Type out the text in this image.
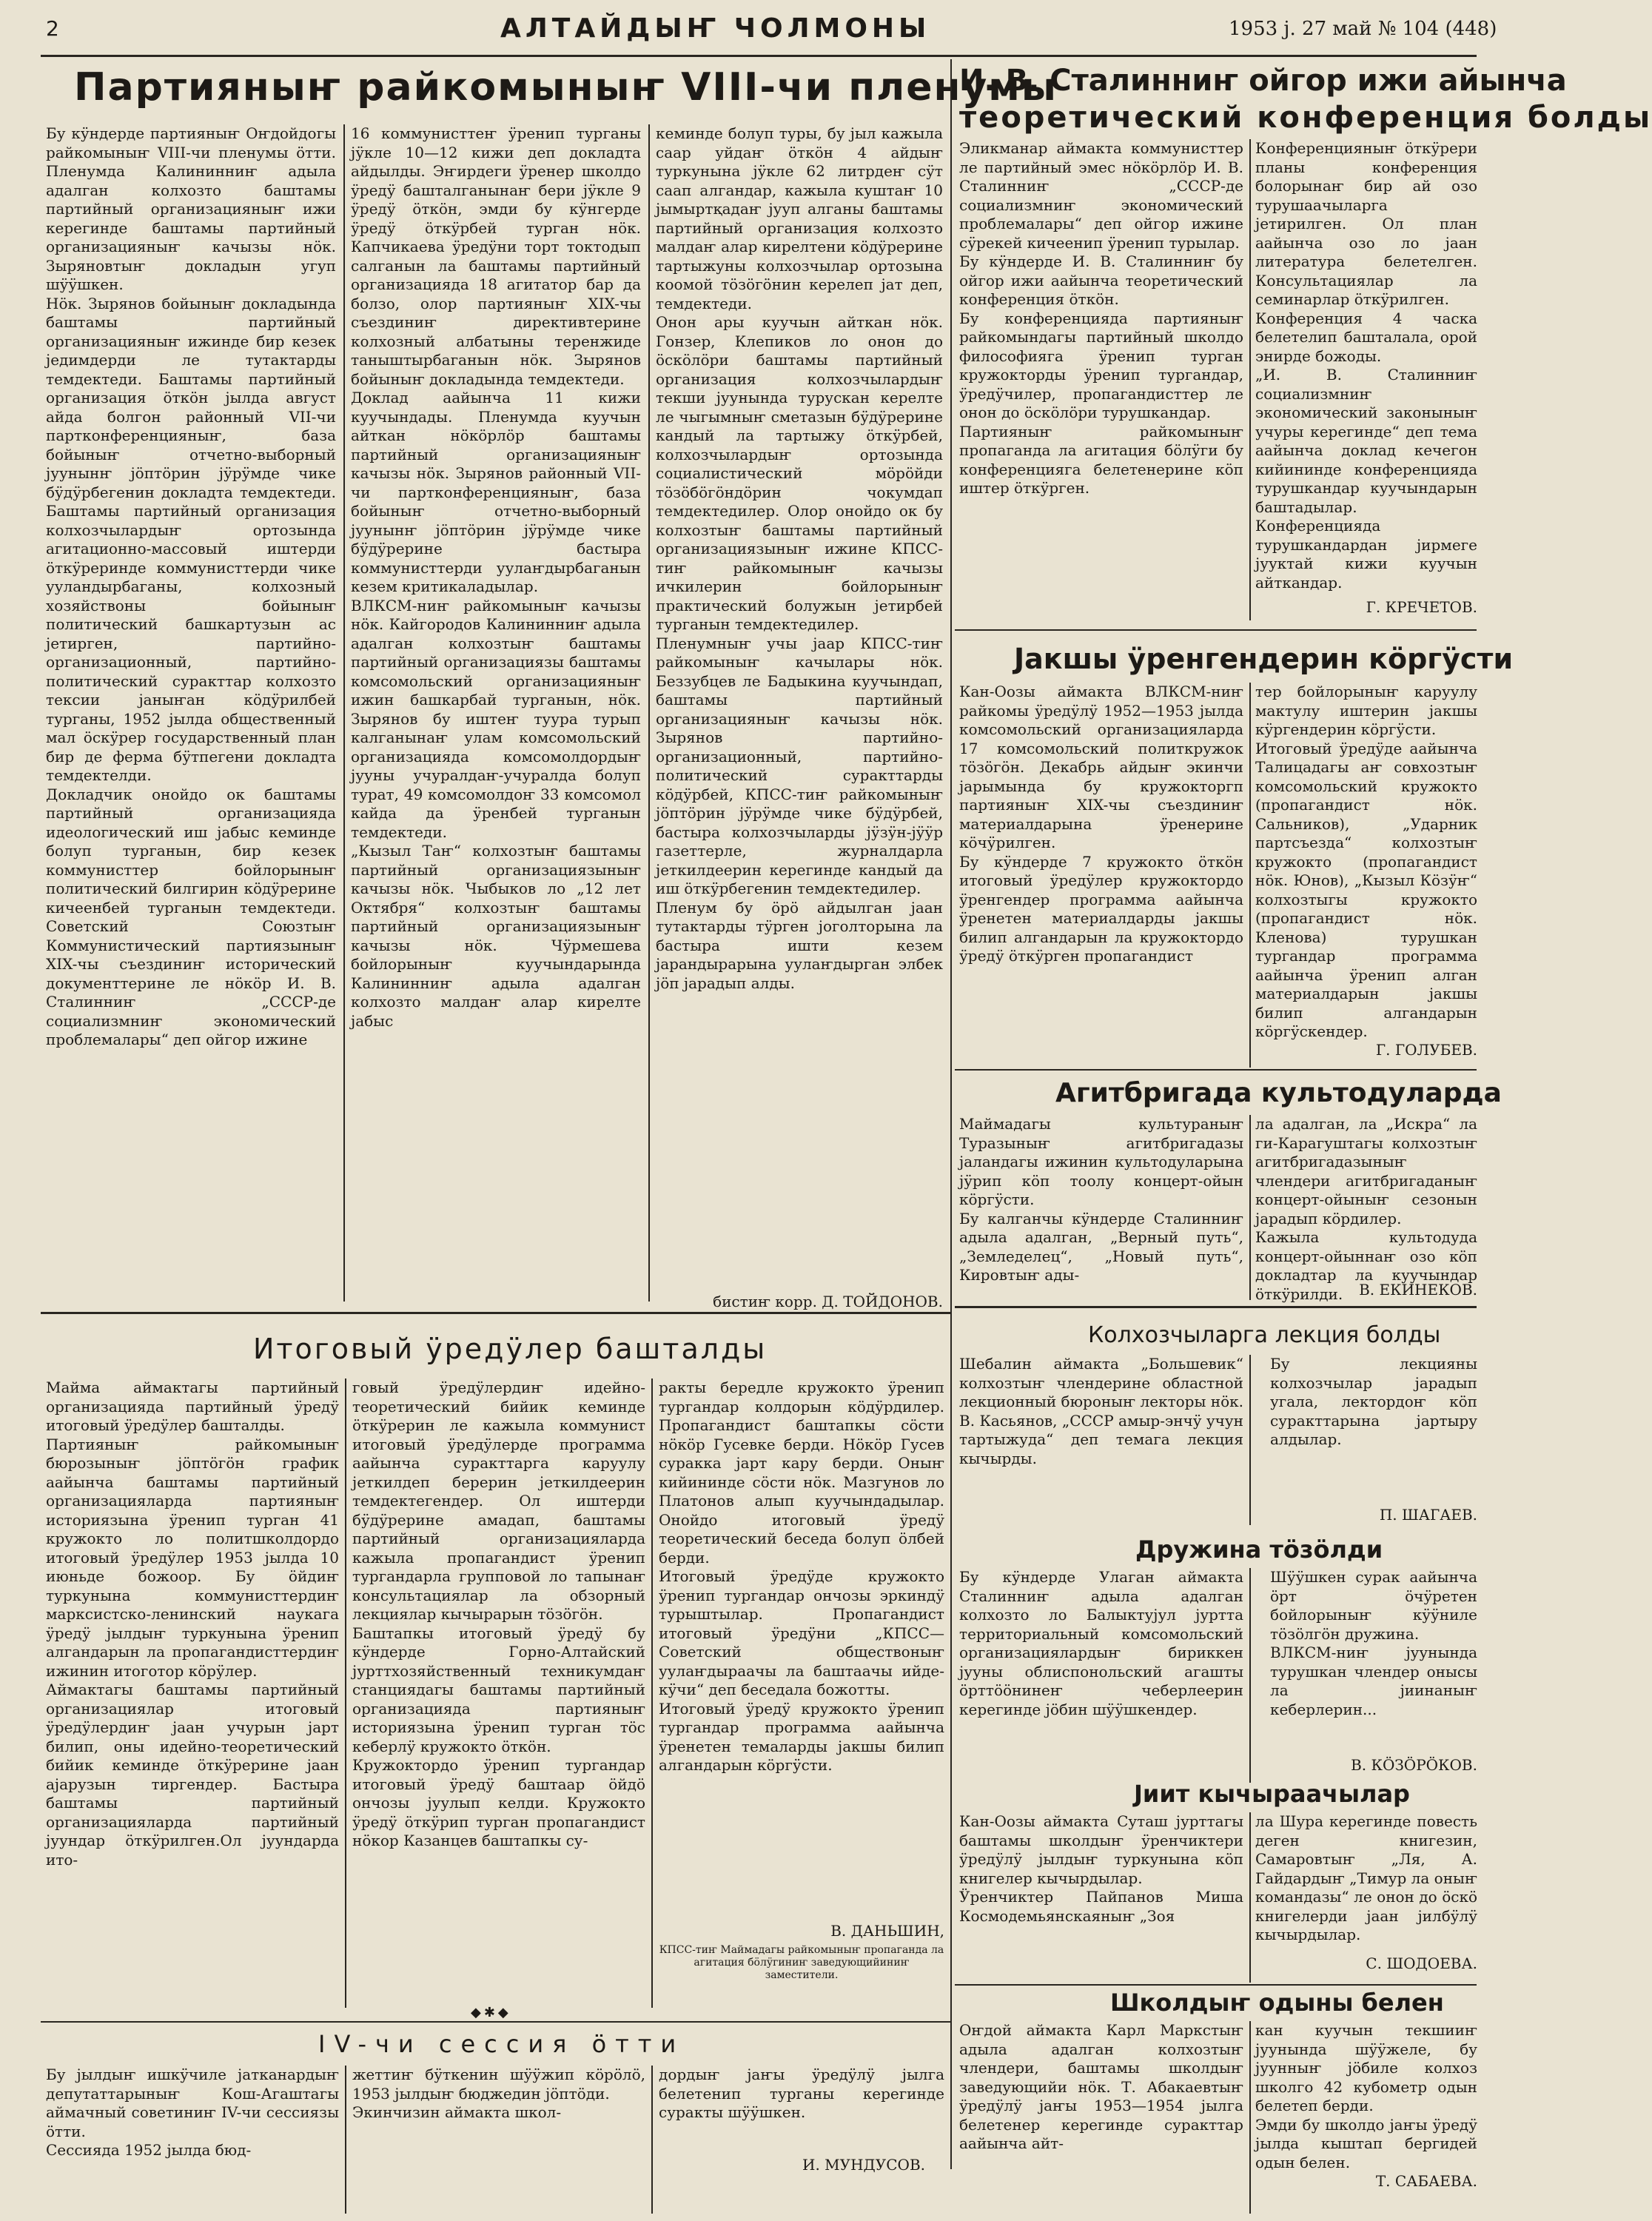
2	АЛТАЙДЫҤ ЧОЛМОНЫ	1953 j. 27 май № 104 (448)
Партияныҥ райкомыныҥ VIII-чи пленумы
Бу кӱндерде партияныҥ Оҥдойдогы райкомыныҥ VIII-чи пленумы ӧтти. Пленумда Калининниҥ адыла адалган колхозто баштамы партийный организацияныҥ ижи керегинде баштамы партийный организацияныҥ качызы нӧк. Зыряновтыҥ докладын угуп шӱӱшкен.
Нӧк. Зырянов бойыныҥ докладында баштамы партийный организацияныҥ ижинде бир кезек једимдерди ле тутактарды темдектеди. Баштамы партийный организация ӧткӧн јылда август айда болгон районный VII-чи партконференцияныҥ, база бойыныҥ отчетно-выборный јуунынҥ јӧптӧрин јӱрӱмде чике бӱдӱрбегенин докладта темдектеди. Баштамы партийный организация колхозчылардыҥ ортозында агитационно-массовый иштерди ӧткӱреринде коммунисттерди чике ууландырбаганы, колхозный хозяйствоны бойыныҥ политический башкартузын ас јетирген, партийно-организационный, партийно-политический суракттар колхозто тексии јаныҥан кӧдӱрилбей турганы, 1952 јылда общественный мал ӧскӱрер государственный план бир де ферма бӱтпегени докладта темдектелди.
Докладчик онойдо ок баштамы партийный организацияда идеологический иш јабыс кеминде болуп турганын, бир кезек коммунисттер бойлорыныҥ политический билгирин кӧдӱрерине кичеенбей турганын темдектеди. Советский Союзтыҥ Коммунистический партиязыныҥ XIX-чы съездиниҥ исторический документтерине ле нӧкӧр И. В. Сталинниҥ „СССР-де социализмниҥ экономический проблемалары“ деп ойгор ижине
16 коммунисттеҥ ӱренип турганы јӱкле 10—12 кижи деп докладта айдылды. Эҥирдеги ӱренер школдо ӱредӱ башталганынаҥ бери јӱкле 9 ӱредӱ ӧткӧн, эмди бу кӱнгерде ӱредӱ ӧткӱрбей турган нӧк. Капчикаева ӱредӱни торт токтодып салганын ла баштамы партийный организацияда 18 агитатор бар да болзо, олор партияныҥ XIX-чы съездиниҥ директивтерине колхозный албатыны теренжиде таныштырбаганын нӧк. Зырянов бойыныҥ докладында темдектеди.
Доклад аайынча 11 кижи куучындады. Пленумда куучын айткан нӧкӧрлӧр баштамы партийный организацияныҥ качызы нӧк. Зырянов районный VII-чи партконференцияныҥ, база бойыныҥ отчетно-выборный јуунынҥ јӧптӧрин јӱрӱмде чике бӱдӱрерине бастыра коммунисттерди уулаҥдырбаганын кезем критикаладылар.
ВЛКСМ-ниҥ райкомыныҥ качызы нӧк. Кайгородов Калининниҥ адыла адалган колхозтыҥ баштамы партийный организациязы баштамы комсомольский организацияныҥ ижин башкарбай турганын, нӧк. Зырянов бу иштеҥ туура турып калганынаҥ улам комсомольский организацияда комсомолдордыҥ јууны учуралдаҥ-учуралда болуп турат, 49 комсомолдоҥ 33 комсомол кайда да ӱренбей турганын темдектеди.
„Кызыл Таҥ“ колхозтыҥ баштамы партийный организациязыныҥ качызы нӧк. Чыбыков ло „12 лет Октября“ колхозтыҥ баштамы партийный организациязыныҥ качызы нӧк. Чӱрмешева бойлорыныҥ куучындарында Калининниҥ адыла адалган колхозто малдаҥ алар кирелте јабыс
кеминде болуп туры, бу јыл кажыла саар уйдаҥ ӧткӧн 4 айдыҥ туркунына јӱкле 62 литрдеҥ сӱт саап алгандар, кажыла куштаҥ 10 јымыртқадаҥ јууп алганы баштамы партийный организация колхозто малдаҥ алар кирелтени кӧдӱрерине тартыжуны колхозчылар ортозына коомой тӧзӧгӧнин керелеп јат деп, темдектеди.
Онон ары куучын айткан нӧк. Гонзер, Клепиков ло онон до ӧскӧлӧри баштамы партийный организация колхозчылардыҥ текши јуунында турускан керелте ле чыгымныҥ сметазын бӱдӱрерине кандый ла тартыжу ӧткӱрбей, колхозчылардыҥ ортозында социалистический мӧрӧйди тӧзӧбӧгӧндӧрин чокумдап темдектедилер. Олор онойдо ок бу колхозтыҥ баштамы партийный организациязыныҥ ижине КПСС-тиҥ райкомыныҥ качызы ичкилерин бойлорыныҥ практический болужын јетирбей турганын темдектедилер.
Пленумныҥ учы јаар КПСС-тиҥ райкомыныҥ качылары нӧк. Беззубцев ле Бадыкина куучындап, баштамы партийный организацияныҥ качызы нӧк. Зырянов партийно-организационный, партийно-политический суракттарды кӧдӱрбей, КПСС-тиҥ райкомыныҥ јӧптӧрин јӱрӱмде чике бӱдӱрбей, бастыра колхозчыларды јӱзӱн-јӱӱр газеттерле, журналдарла јеткилдеерин керегинде кандый да иш ӧткӱрбегенин темдектедилер.
Пленум бу ӧрӧ айдылган јаан тутактарды тӱрген јоголторына ла бастыра ишти кезем јарандырарына уулаҥдырган элбек јӧп јарадып алды.
бистиҥ корр. Д. ТОЙДОНОВ.
И. В. Сталинниҥ ойгор ижи айынча
теоретический конференция болды
Эликманар аймакта коммунисттер ле партийный эмес нӧкӧрлӧр И. В. Сталинниҥ „СССР-де социализмниҥ экономический проблемалары“ деп ойгор ижине сӱрекей кичеенип ӱренип турылар.
Бу кӱндерде И. В. Сталинниҥ бу ойгор ижи аайынча теоретический конференция ӧткӧн.
Бу конференцияда партияныҥ райкомындагы партийный школдо философияга ӱренип турган кружокторды ӱренип тургандар, ӱредӱчилер, пропагандисттер ле онон до ӧскӧлӧри турушкандар.
Партияныҥ райкомыныҥ пропаганда ла агитация бӧлӱги бу конференцияга белетенерине кӧп иштер ӧткӱрген.
Конференцияныҥ ӧткӱрери планы конференция болорынаҥ бир ай озо турушаачыларга јетирилген. Ол план аайынча озо ло јаан литература белетелген. Консультациялар ла семинарлар ӧткӱрилген.
Конференция 4 часка белетелип башталала, орой энирде божоды.
„И. В. Сталинниҥ социализмниҥ экономический законыныҥ учуры керегинде“ деп тема аайынча доклад кечегон кийининде конференцияда турушкандар куучындарын баштадылар.
Конференцияда турушкандардан јирмеге јууктай кижи куучын айткандар.
Г. КРЕЧЕТОВ.
Јакшы ӱренгендерин кӧргӱсти
Кан-Оозы аймакта ВЛКСМ-ниҥ райкомы ӱредӱлӱ 1952—1953 јылда комсомольский организацияларда 17 комсомольский политкружок тӧзӧгӧн. Декабрь айдыҥ экинчи јарымында бу кружокторгп партияныҥ XIX-чы съездиниҥ материалдарына ӱренерине кӧчӱрилген.
Бу кӱндерде 7 кружокто ӧткӧн итоговый ӱредӱлер кружоктордо ӱренгендер программа аайынча ӱренетен материалдарды јакшы билип алгандарын ла кружоктордо ӱредӱ ӧткӱрген пропагандист
тер бойлорыныҥ каруулу мактулу иштерин јакшы кӱргендерин кӧргӱсти.
Итоговый ӱредӱде аайынча Талицадагы аҥ совхозтыҥ комсомольский кружокто (пропагандист нӧк. Сальников), „Ударник партсъезда“ колхозтыҥ кружокто (пропагандист нӧк. Юнов), „Кызыл Кӧзӱҥ“ колхозтыгы кружокто (пропагандист нӧк. Кленова) турушкан тургандар программа аайынча ӱренип алган материалдарын јакшы билип алгандарын кӧргӱскендер.
Г. ГОЛУБЕВ.
Агитбригада культодуларда
Маймадагы культураныҥ Туразыныҥ агитбригадазы јаландагы ижинин культодуларына јӱрип кӧп тоолу концерт-ойын кӧргӱсти.
Бу калганчы кӱндерде Сталинниҥ адыла адалган, „Верный путь“, „Земледелец“, „Новый путь“, Кировтыҥ ады-
ла адалган, ла „Искра“ ла ги-Карагуштагы колхозтыҥ агитбригадазыныҥ члендери агитбригаданыҥ концерт-ойыныҥ сезонын јарадып кӧрдилер.
Кажыла культодуда концерт-ойыннаҥ озо кӧп докладтар ла куучындар ӧткӱрилди.	В. ЕКИНЕКОВ.
Итоговый ӱредӱлер башталды
Майма аймактагы партийный организацияда партийный ӱредӱ итоговый ӱредӱлер башталды.
Партияныҥ райкомыныҥ бюрозыныҥ јӧптӧгӧн график аайынча баштамы партийный организацияларда партияныҥ историязына ӱренип турган 41 кружокто ло политшколдордо итоговый ӱредӱлер 1953 јылда 10 июньде божоор. Бу ӧйдиҥ туркунына коммунисттердиҥ марксистско-ленинский наукага ӱредӱ јылдыҥ туркунына ӱренип алгандарын ла пропагандисттердиҥ ижинин итоготор кӧрӱлер.
Аймактагы баштамы партийный организациялар итоговый ӱредӱлердиҥ јаан учурын јарт билип, оны идейно-теоретический бийик кеминде ӧткӱрерине јаан ајарузын тиргендер. Бастыра баштамы партийный организацияларда партийный јуундар ӧткӱрилген.Ол јуундарда ито-
говый ӱредӱлердиҥ идейно-теоретический бийик кеминде ӧткӱрерин ле кажыла коммунист итоговый ӱредӱлерде программа аайынча суракттарга каруулу јеткилдеп берерин јеткилдеерин темдектегендер. Ол иштерди бӱдӱрерине амадап, баштамы партийный организацияларда кажыла пропагандист ӱренип тургандарла групповой ло тапынаҥ консультациялар ла обзорный лекциялар кычырарын тӧзӧгӧн.
Баштапкы итоговый ӱредӱ бу кӱндерде Горно-Алтайский јурттхозяйственный техникумдаҥ станциядагы баштамы партийный организацияда партияныҥ историязына ӱренип турган тӧс кеберлӱ кружокто ӧткӧн.
Кружоктордо ӱренип тургандар итоговый ӱредӱ баштаар ӧйдӧ ончозы јуулып келди. Кружокто ӱредӱ ӧткӱрип турган пропагандист нӧкор Казанцев баштапкы су-
ракты бередле кружокто ӱренип тургандар колдорын кӧдӱрдилер. Пропагандист баштапкы сӧсти нӧкӧр Гусевке берди. Нӧкӧр Гусев суракка јарт кару берди. Оныҥ кийининде сӧсти нӧк. Мазгунов ло Платонов алып куучындадылар. Онойдо итоговый ӱредӱ теоретический беседа болуп ӧлбей берди.
Итоговый ӱредӱде кружокто ӱренип тургандар ончозы эркиндӱ турыштылар. Пропагандист итоговый ӱредӱни „КПСС—Советский обществоныҥ уулаҥдыраачы ла баштаачы ийде-кӱчи“ деп беседала божотты.
Итоговый ӱредӱ кружокто ӱренип тургандар программа аайынча ӱренетен темаларды јакшы билип алгандарын кӧргӱсти.
В. ДАНЬШИН,
КПСС-тиҥ Маймадагы райкомыныҥ пропаганда ла агитация бӧлӱгиниҥ заведующийиниҥ заместители.
◆✱◆
IV-чи сессия ӧтти
Бу јылдыҥ ишкӱчиле јатканардыҥ депутаттарыныҥ Кош-Агаштагы аймачный советиниҥ IV-чи сессиязы ӧтти.
Сессияда 1952 јылда бюд-
жеттиҥ бӱткенин шӱӱжип кӧрӧлӧ, 1953 јылдыҥ бюджедин јӧптӧди.
Экинчизин аймакта школ-
дордыҥ јаҥы ӱредӱлӱ јылга белетенип турганы керегинде суракты шӱӱшкен.
И. МУНДУСОВ.
Колхозчыларга лекция болды
Шебалин аймакта „Большевик“ колхозтыҥ члендерине областной лекционный бюроныҥ лекторы нӧк. В. Касьянов, „СССР амыр-энчӱ учун тартыжуда“ деп темага лекция кычырды.
Бу лекцияны колхозчылар јарадып угала, лектордоҥ кӧп суракттарына јартыру алдылар.
П. ШАГАЕВ.
Дружина тӧзӧлди
Бу кӱндерде Улаган аймакта Сталинниҥ адыла адалган колхозто ло Балыктујул јуртта территориальный комсомольский организациялардыҥ бириккен јууны облиспонольский агашты ӧрттӧӧнинеҥ чеберлеерин керегинде јӧбин шӱӱшкендер.
Шӱӱшкен сурак аайынча ӧрт ӧчӱретен бойлорыныҥ кӱӱниле тӧзӧлгӧн дружина.
ВЛКСМ-ниҥ јуунында турушкан члендер онысы ла јиинаныҥ кеберлерин...
В. КӦЗӦРӦКОВ.
Јиит кычыраачылар
Кан-Оозы аймакта Суташ јурттагы баштамы школдыҥ ӱренчиктери ӱредӱлӱ јылдыҥ туркунына кӧп книгелер кычырдылар.
Ӱренчиктер Пайпанов Миша Космодемьянскаяныҥ „Зоя
ла Шура керегинде повесть деген книгезин, Самаровтыҥ „Ля, А. Гайдардыҥ „Тимур ла оныҥ командазы“ ле онон до ӧскӧ книгелерди јаан јилбӱлӱ кычырдылар.
С. ШОДОЕВА.
Школдыҥ одыны белен
Оҥдой аймакта Карл Маркстыҥ адыла адалган колхозтыҥ члендери, баштамы школдыҥ заведующийи нӧк. Т. Абакаевтыҥ ӱредӱлӱ јаҥы 1953—1954 јылга белетенер керегинде суракттар аайынча айт-
кан куучын текшииҥ јуунында шӱӱжеле, бу јуунныҥ јӧбиле колхоз школго 42 кубометр одын белетеп берди.
Эмди бу школдо јаҥы ӱредӱ јылда кыштап бергидей одын белен.
Т. САБАЕВА.
